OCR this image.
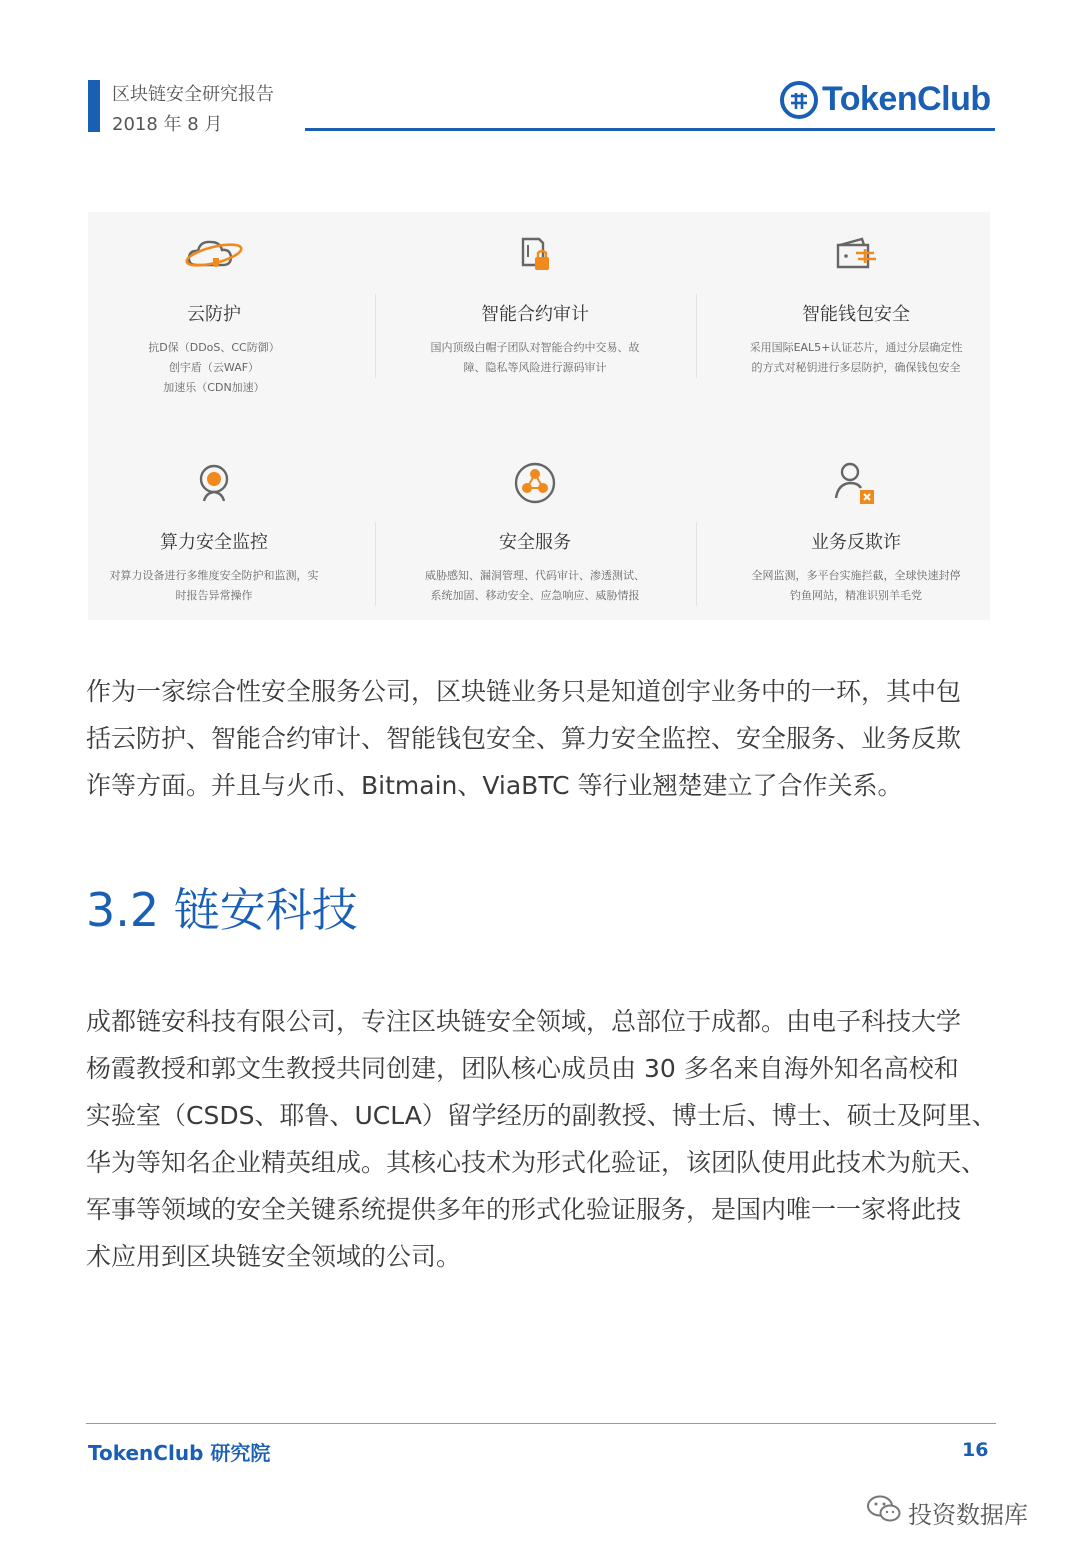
区块链安全研究报告
2018 年 8 月
TokenClub
云防护
抗D保（DDoS、CC防御）
创宇盾（云WAF）
加速乐（CDN加速）
智能合约审计
国内顶级白帽子团队对智能合约中交易、故
障、隐私等风险进行源码审计
智能钱包安全
采用国际EAL5+认证芯片，通过分层确定性
的方式对秘钥进行多层防护，确保钱包安全
算力安全监控
对算力设备进行多维度安全防护和监测，实
时报告异常操作
安全服务
威胁感知、漏洞管理、代码审计、渗透测试、
系统加固、移动安全、应急响应、威胁情报
业务反欺诈
全网监测，多平台实施拦截，全球快速封停
钓鱼网站，精准识别羊毛党
作为一家综合性安全服务公司，区块链业务只是知道创宇业务中的一环，其中包
括云防护、智能合约审计、智能钱包安全、算力安全监控、安全服务、业务反欺
诈等方面。并且与火币、Bitmain、ViaBTC 等行业翘楚建立了合作关系。
3.2 链安科技
成都链安科技有限公司，专注区块链安全领域，总部位于成都。由电子科技大学
杨霞教授和郭文生教授共同创建，团队核心成员由 30 多名来自海外知名高校和
实验室（CSDS、耶鲁、UCLA）留学经历的副教授、博士后、博士、硕士及阿里、
华为等知名企业精英组成。其核心技术为形式化验证，该团队使用此技术为航天、
军事等领域的安全关键系统提供多年的形式化验证服务，是国内唯一一家将此技
术应用到区块链安全领域的公司。
TokenClub 研究院	16
投资数据库
